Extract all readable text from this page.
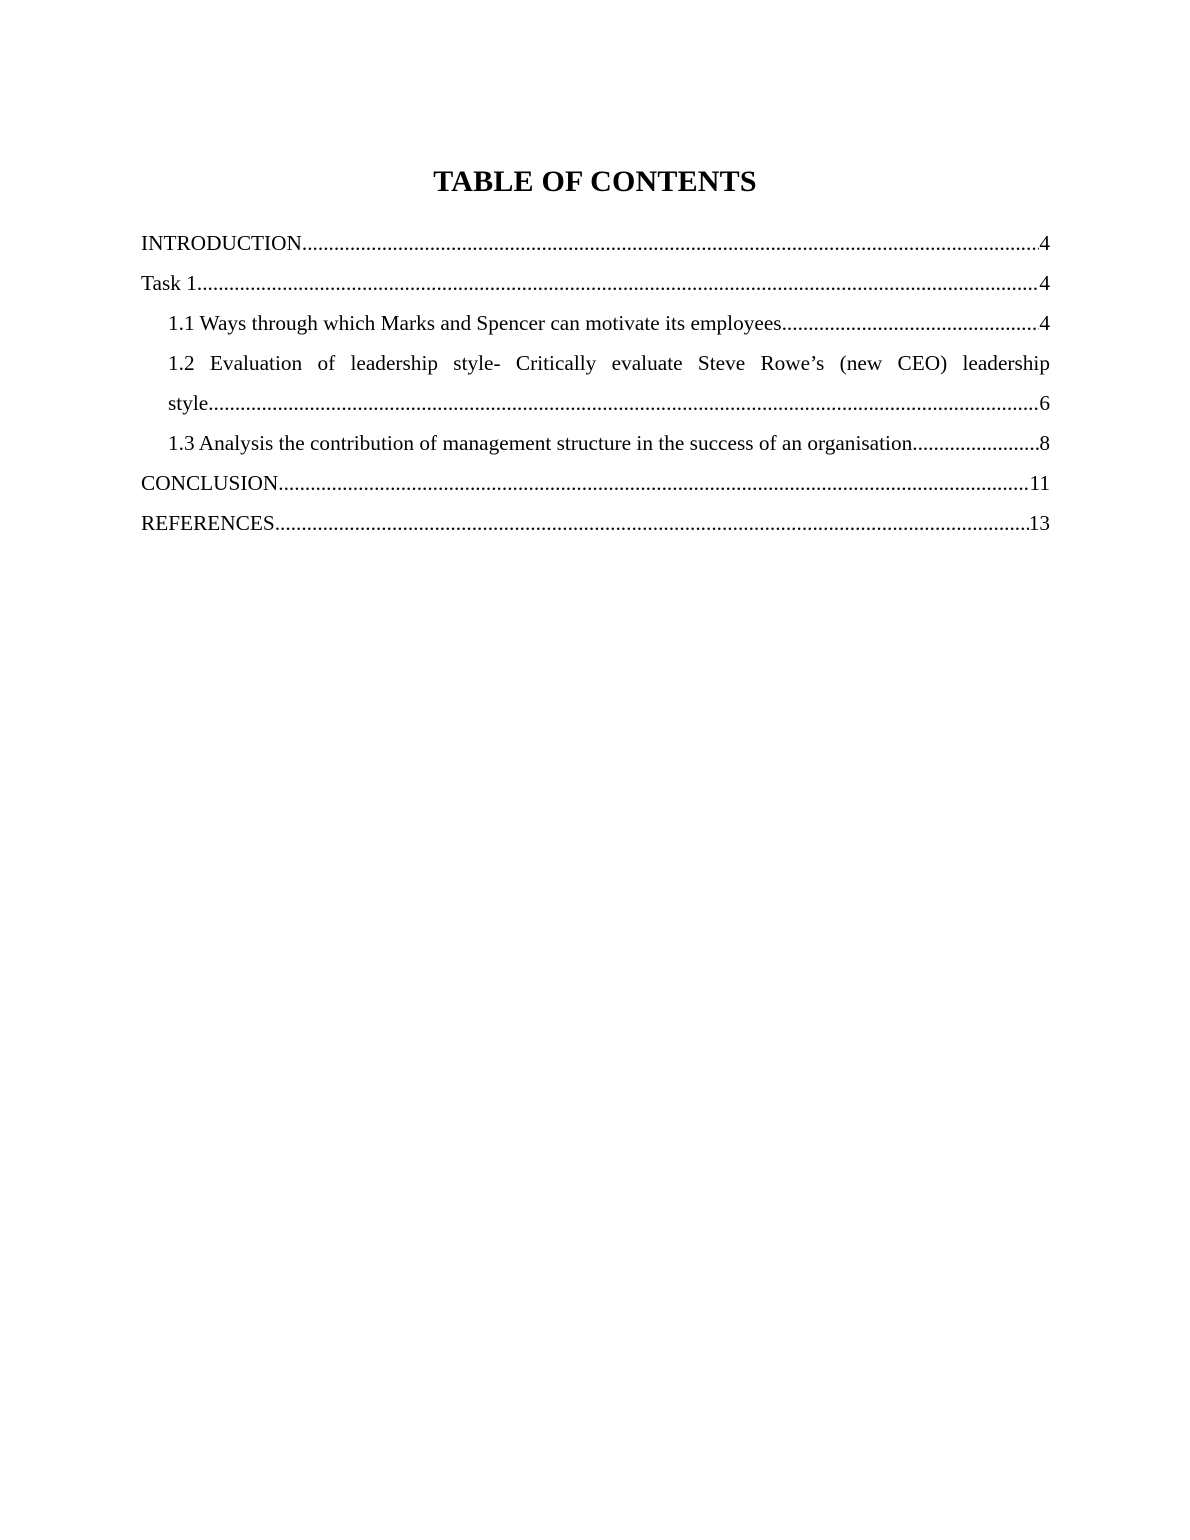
TABLE OF CONTENTS
INTRODUCTION .....	4
Task 1 .....	4
1.1 Ways through which Marks and Spencer can motivate its employees .....	4
1.2 Evaluation of leadership style- Critically evaluate Steve Rowe’s (new CEO) leadership
style .....	6
1.3 Analysis the contribution of management structure in the success of an organisation .....	8
CONCLUSION .....	11
REFERENCES .....	13
